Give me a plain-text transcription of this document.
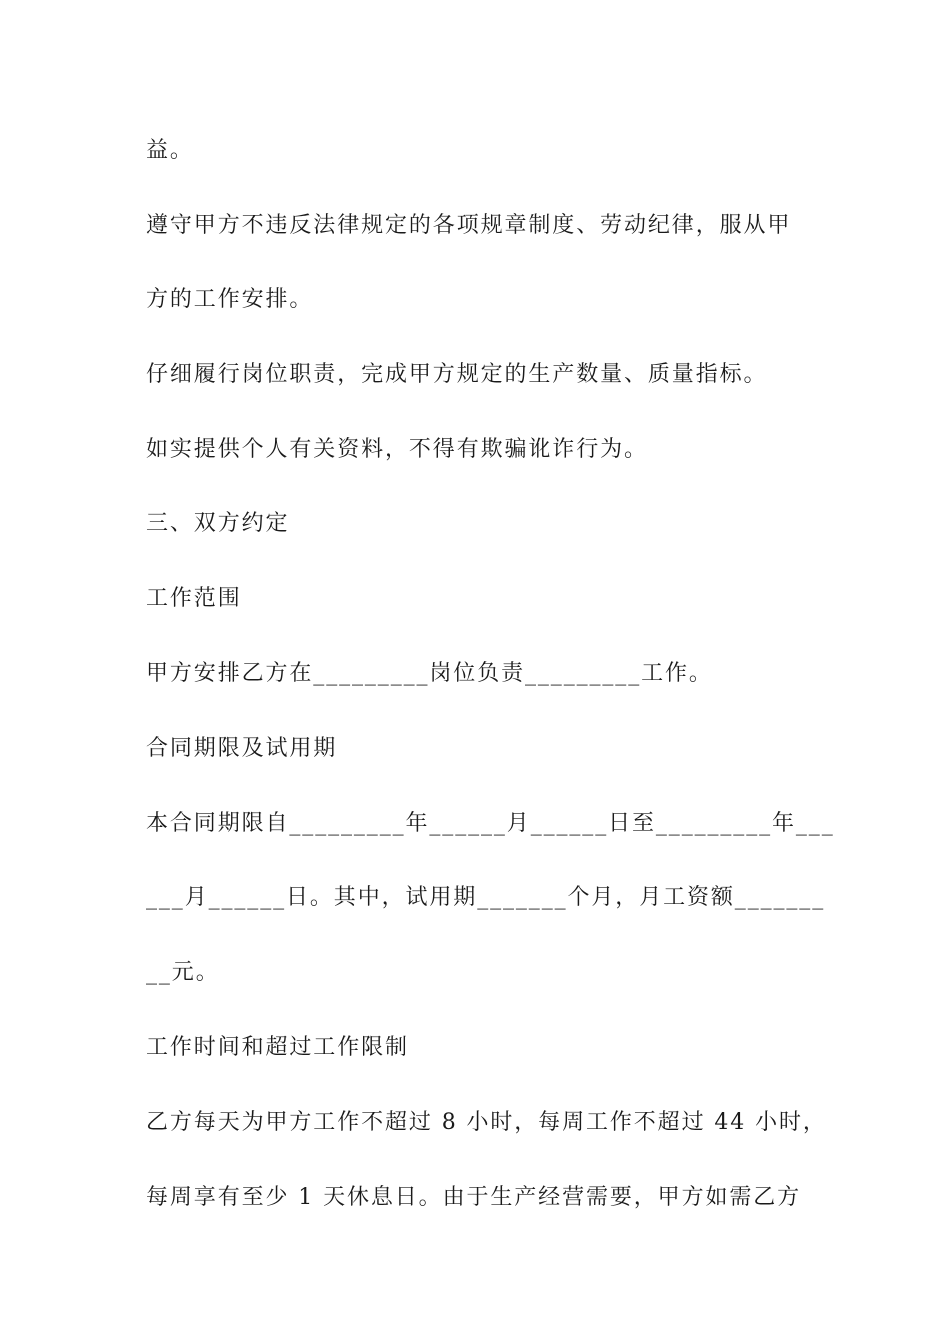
益。

遵守甲方不违反法律规定的各项规章制度、劳动纪律，服从甲

方的工作安排。

仔细履行岗位职责，完成甲方规定的生产数量、质量指标。

如实提供个人有关资料，不得有欺骗讹诈行为。

三、双方约定

工作范围

甲方安排乙方在_________岗位负责_________工作。

合同期限及试用期

本合同期限自_________年______月______日至_________年___

___月______日。其中，试用期_______个月，月工资额_______

__元。

工作时间和超过工作限制

乙方每天为甲方工作不超过 8 小时，每周工作不超过 44 小时，

每周享有至少 1 天休息日。由于生产经营需要，甲方如需乙方
